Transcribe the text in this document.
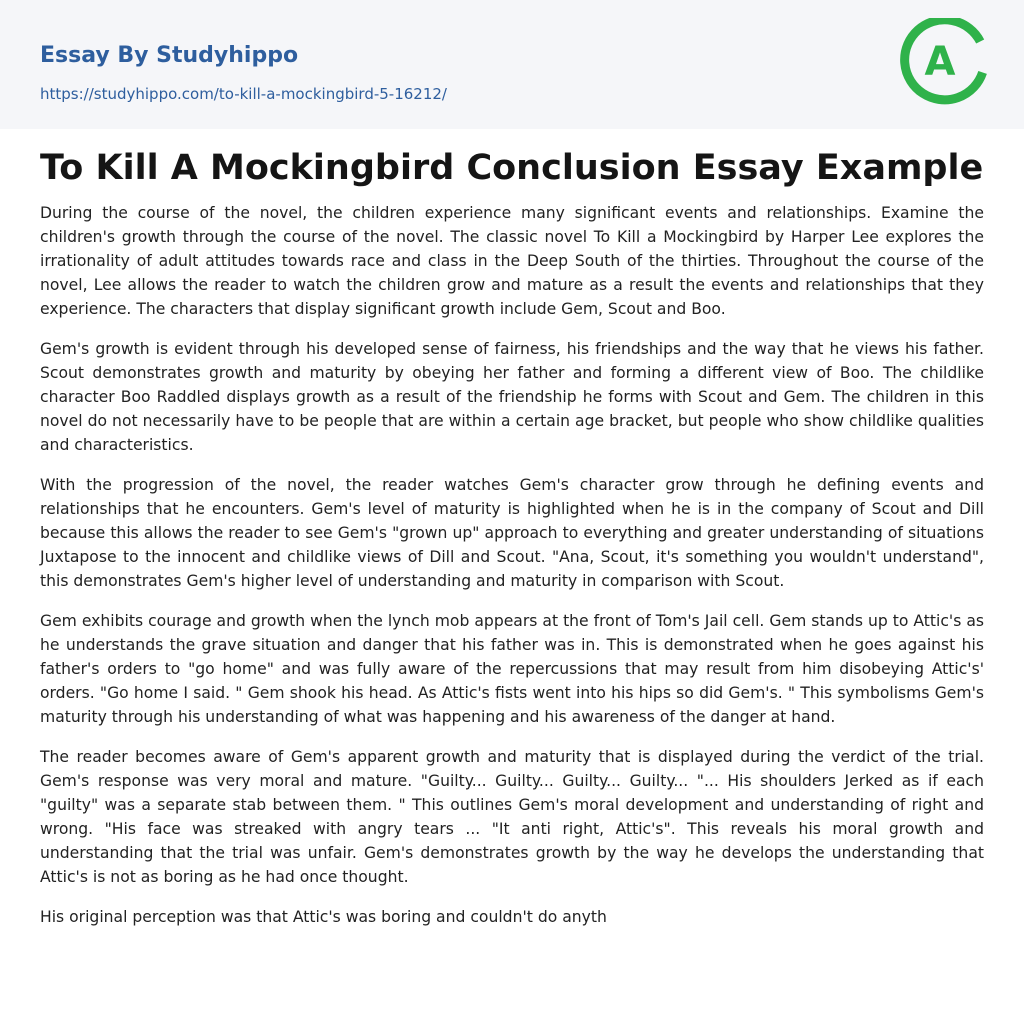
Essay By Studyhippo
https://studyhippo.com/to-kill-a-mockingbird-5-16212/
A
To Kill A Mockingbird Conclusion Essay Example

During the course of the novel, the children experience many significant events and relationships. Examine the children's growth through the course of the novel. The classic novel To Kill a Mockingbird by Harper Lee explores the irrationality of adult attitudes towards race and class in the Deep South of the thirties. Throughout the course of the novel, Lee allows the reader to watch the children grow and mature as a result the events and relationships that they experience. The characters that display significant growth include Gem, Scout and Boo.

Gem's growth is evident through his developed sense of fairness, his friendships and the way that he views his father. Scout demonstrates growth and maturity by obeying her father and forming a different view of Boo. The childlike character Boo Raddled displays growth as a result of the friendship he forms with Scout and Gem. The children in this novel do not necessarily have to be people that are within a certain age bracket, but people who show childlike qualities and characteristics.

With the progression of the novel, the reader watches Gem's character grow through he defining events and relationships that he encounters. Gem's level of maturity is highlighted when he is in the company of Scout and Dill because this allows the reader to see Gem's "grown up" approach to everything and greater understanding of situations Juxtapose to the innocent and childlike views of Dill and Scout. "Ana, Scout, it's something you wouldn't understand", this demonstrates Gem's higher level of understanding and maturity in comparison with Scout.

Gem exhibits courage and growth when the lynch mob appears at the front of Tom's Jail cell. Gem stands up to Attic's as he understands the grave situation and danger that his father was in. This is demonstrated when he goes against his father's orders to "go home" and was fully aware of the repercussions that may result from him disobeying Attic's' orders. "Go home I said. " Gem shook his head. As Attic's fists went into his hips so did Gem's. " This symbolisms Gem's maturity through his understanding of what was happening and his awareness of the danger at hand.

The reader becomes aware of Gem's apparent growth and maturity that is displayed during the verdict of the trial. Gem's response was very moral and mature. "Guilty... Guilty... Guilty... Guilty... "... His shoulders Jerked as if each "guilty" was a separate stab between them. " This outlines Gem's moral development and understanding of right and wrong. "His face was streaked with angry tears ... "It anti right, Attic's". This reveals his moral growth and understanding that the trial was unfair. Gem's demonstrates growth by the way he develops the understanding that Attic's is not as boring as he had once thought.

His original perception was that Attic's was boring and couldn't do anyth
